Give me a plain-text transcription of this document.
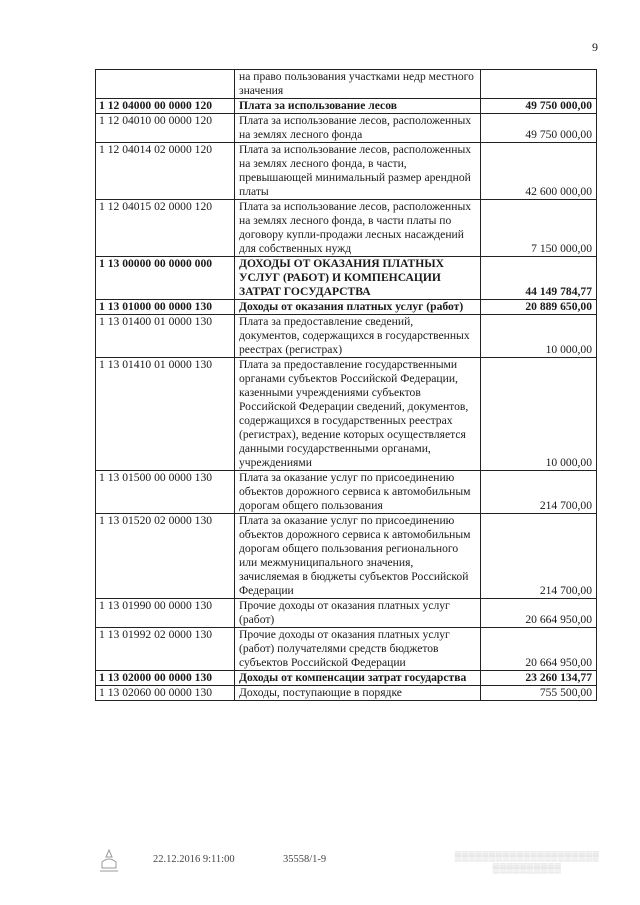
9
	на право пользования участками недр местного значения	
1 12 04000 00 0000 120	Плата за использование лесов	49 750 000,00
1 12 04010 00 0000 120	Плата за использование лесов, расположенных на землях лесного фонда	49 750 000,00
1 12 04014 02 0000 120	Плата за использование лесов, расположенных на землях лесного фонда, в части, превышающей минимальный размер арендной платы	42 600 000,00
1 12 04015 02 0000 120	Плата за использование лесов, расположенных на землях лесного фонда, в части платы по договору купли-продажи лесных насаждений для собственных нужд	7 150 000,00
1 13 00000 00 0000 000	ДОХОДЫ ОТ ОКАЗАНИЯ ПЛАТНЫХ УСЛУГ (РАБОТ) И КОМПЕНСАЦИИ ЗАТРАТ ГОСУДАРСТВА	44 149 784,77
1 13 01000 00 0000 130	Доходы от оказания платных услуг (работ)	20 889 650,00
1 13 01400 01 0000 130	Плата за предоставление сведений, документов, содержащихся в государственных реестрах (регистрах)	10 000,00
1 13 01410 01 0000 130	Плата за предоставление государственными органами субъектов Российской Федерации, казенными учреждениями субъектов Российской Федерации сведений, документов, содержащихся в государственных реестрах (регистрах), ведение которых осуществляется данными государственными органами, учреждениями	10 000,00
1 13 01500 00 0000 130	Плата за оказание услуг по присоединению объектов дорожного сервиса к автомобильным дорогам общего пользования	214 700,00
1 13 01520 02 0000 130	Плата за оказание услуг по присоединению объектов дорожного сервиса к автомобильным дорогам общего пользования регионального или межмуниципального значения, зачисляемая в бюджеты субъектов Российской Федерации	214 700,00
1 13 01990 00 0000 130	Прочие доходы от оказания платных услуг (работ)	20 664 950,00
1 13 01992 02 0000 130	Прочие доходы от оказания платных услуг (работ) получателями средств бюджетов субъектов Российской Федерации	20 664 950,00
1 13 02000 00 0000 130	Доходы от компенсации затрат государства	23 260 134,77
1 13 02060 00 0000 130	Доходы, поступающие в порядке	755 500,00
22.12.2016 9:11:00	35558/1-9	▒▒▒▒▒▒▒▒▒▒▒▒▒▒▒▒▒▒▒▒▒
▒▒▒▒▒▒▒▒▒▒
